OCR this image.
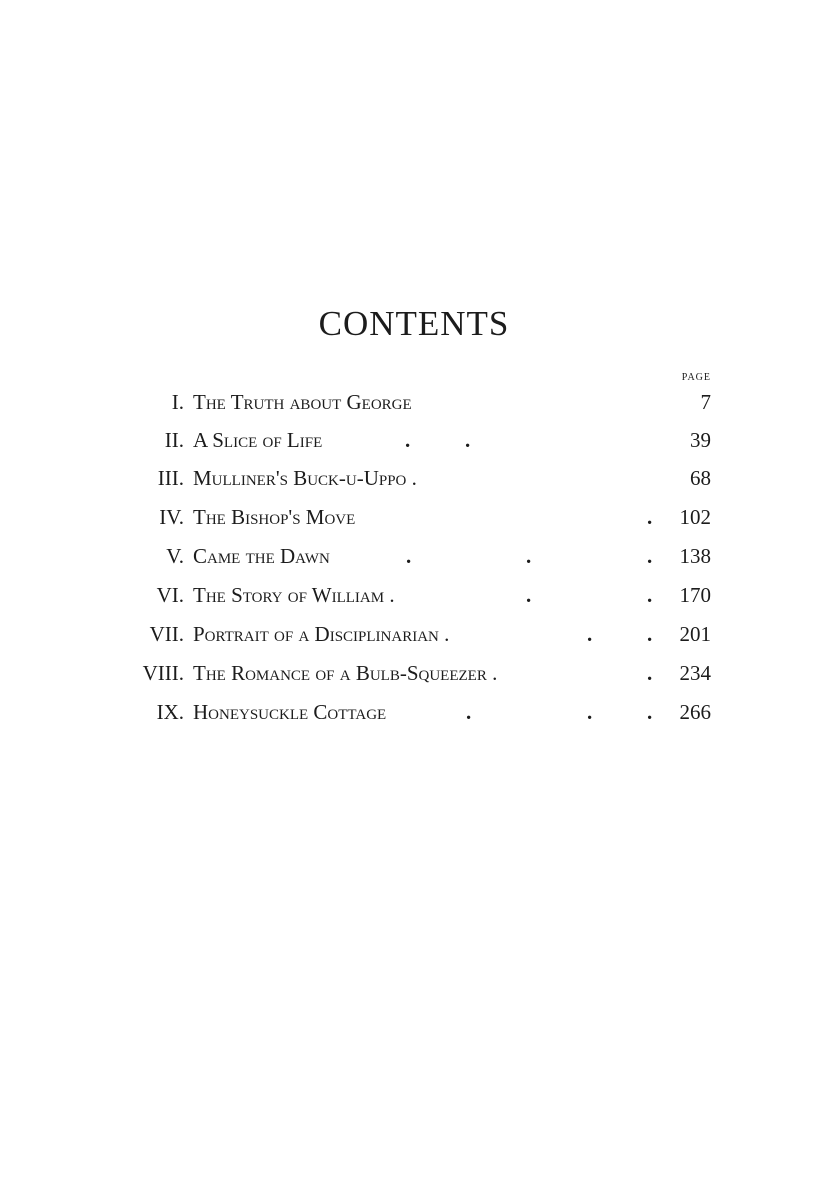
CONTENTS
PAGE
I. The Truth about George	7
II. A Slice of Life	.	.	39
III. Mulliner's Buck-u-Uppo .	68
IV. The Bishop's Move	. 102
V. Came the Dawn	.	.	. 138
VI. The Story of William .	.	. 170
VII. Portrait of a Disciplinarian .	.	. 201
VIII. The Romance of a Bulb-Squeezer .	. 234
IX. Honeysuckle Cottage	.	.	. 266
